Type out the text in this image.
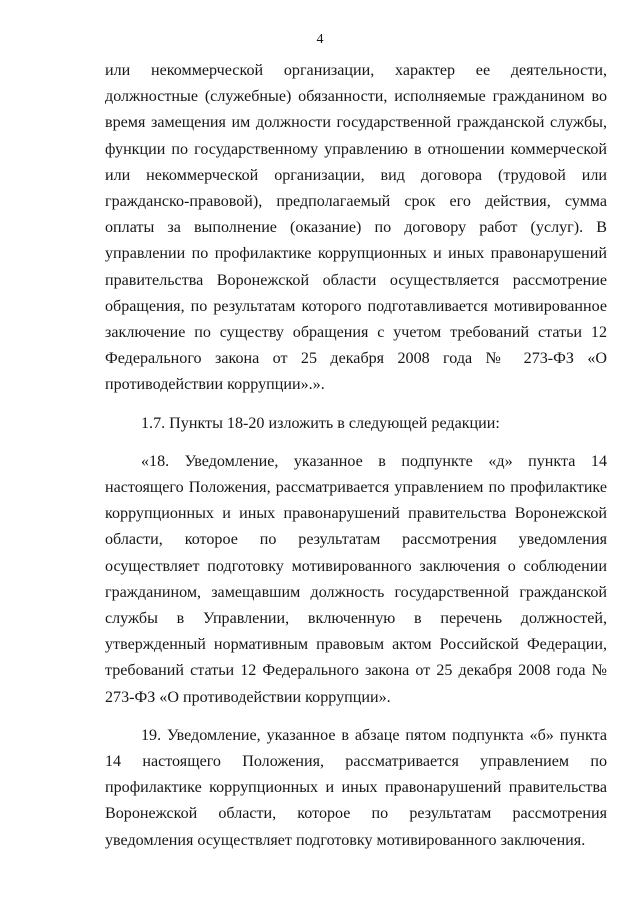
4

или некоммерческой организации, характер ее деятельности, должностные (служебные) обязанности, исполняемые гражданином во время замещения им должности государственной гражданской службы, функции по государственному управлению в отношении коммерческой или некоммерческой организации, вид договора (трудовой или гражданско-правовой), предполагаемый срок его действия, сумма оплаты за выполнение (оказание) по договору работ (услуг). В управлении по профилактике коррупционных и иных правонарушений правительства Воронежской области осуществляется рассмотрение обращения, по результатам которого подготавливается мотивированное заключение по существу обращения с учетом требований статьи 12 Федерального закона от 25 декабря 2008 года № 273-ФЗ «О противодействии коррупции».».

1.7. Пункты 18-20 изложить в следующей редакции:

«18. Уведомление, указанное в подпункте «д» пункта 14 настоящего Положения, рассматривается управлением по профилактике коррупционных и иных правонарушений правительства Воронежской области, которое по результатам рассмотрения уведомления осуществляет подготовку мотивированного заключения о соблюдении гражданином, замещавшим должность государственной гражданской службы в Управлении, включенную в перечень должностей, утвержденный нормативным правовым актом Российской Федерации, требований статьи 12 Федерального закона от 25 декабря 2008 года № 273-ФЗ «О противодействии коррупции».

19. Уведомление, указанное в абзаце пятом подпункта «б» пункта 14 настоящего Положения, рассматривается управлением по профилактике коррупционных и иных правонарушений правительства Воронежской области, которое по результатам рассмотрения уведомления осуществляет подготовку мотивированного заключения.
